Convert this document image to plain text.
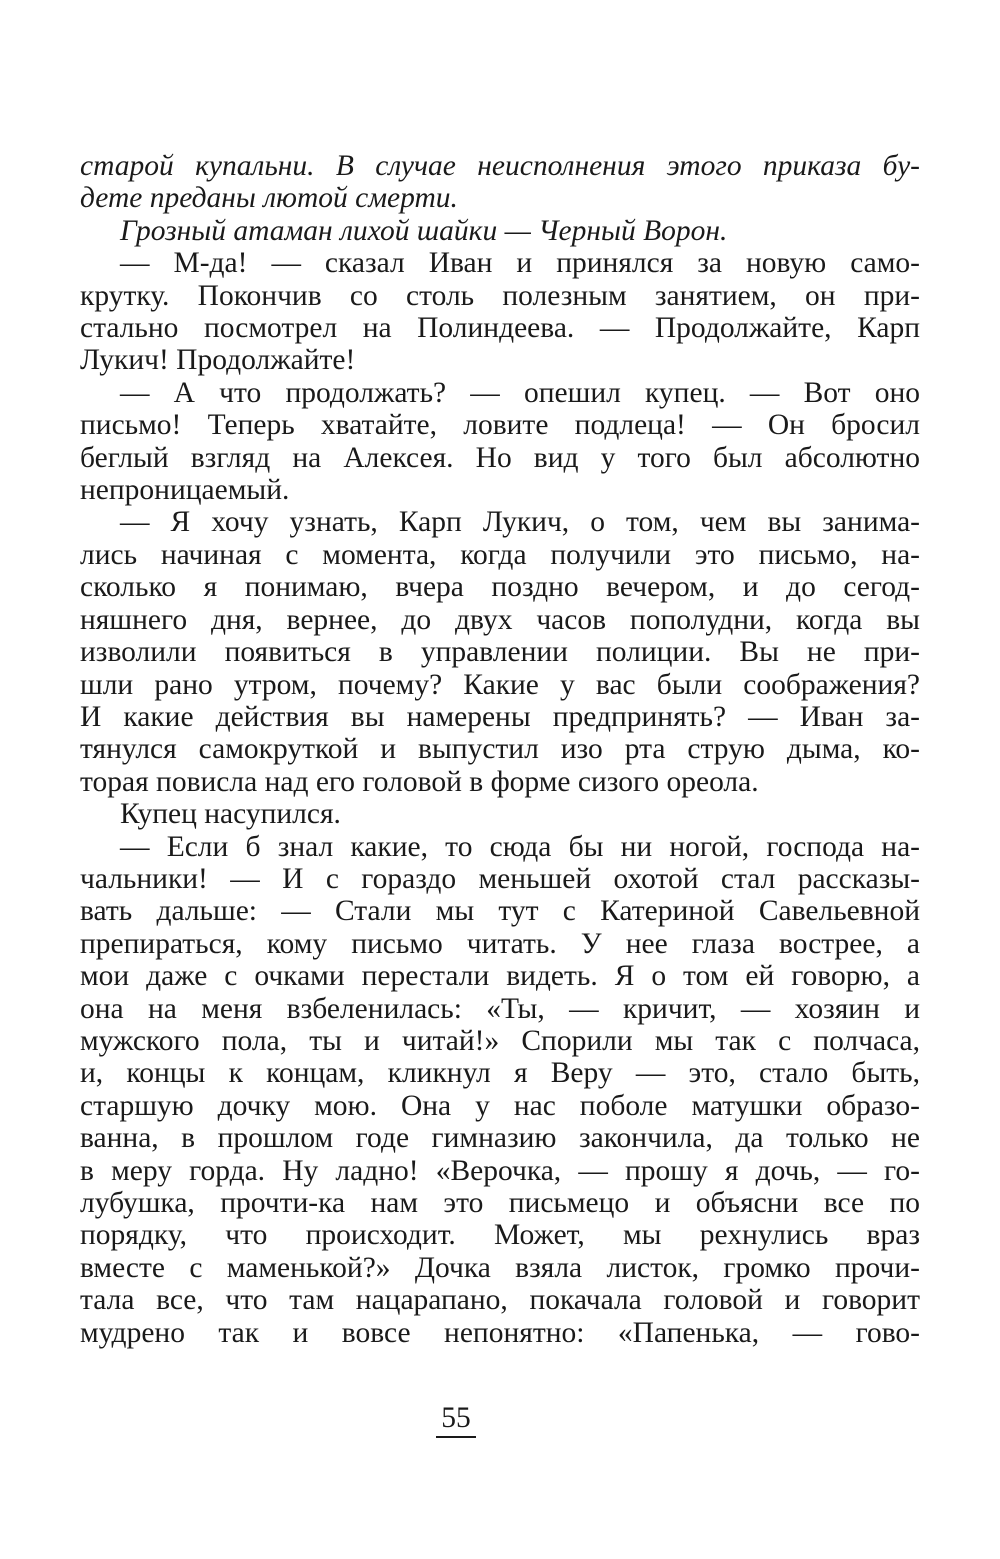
старой купальни. В случае неисполнения этого приказа бу-
дете преданы лютой смерти.
Грозный атаман лихой шайки — Черный Ворон.
— М-да! — сказал Иван и принялся за новую само-
крутку. Покончив со столь полезным занятием, он при-
стально посмотрел на Полиндеева. — Продолжайте, Карп
Лукич! Продолжайте!
— А что продолжать? — опешил купец. — Вот оно
письмо! Теперь хватайте, ловите подлеца! — Он бросил
беглый взгляд на Алексея. Но вид у того был абсолютно
непроницаемый.
— Я хочу узнать, Карп Лукич, о том, чем вы занима-
лись начиная с момента, когда получили это письмо, на-
сколько я понимаю, вчера поздно вечером, и до сегод-
няшнего дня, вернее, до двух часов пополудни, когда вы
изволили появиться в управлении полиции. Вы не при-
шли рано утром, почему? Какие у вас были соображения?
И какие действия вы намерены предпринять? — Иван за-
тянулся самокруткой и выпустил изо рта струю дыма, ко-
торая повисла над его головой в форме сизого ореола.
Купец насупился.
— Если б знал какие, то сюда бы ни ногой, господа на-
чальники! — И с гораздо меньшей охотой стал рассказы-
вать дальше: — Стали мы тут с Катериной Савельевной
препираться, кому письмо читать. У нее глаза вострее, а
мои даже с очками перестали видеть. Я о том ей говорю, а
она на меня взбеленилась: «Ты, — кричит, — хозяин и
мужского пола, ты и читай!» Спорили мы так с полчаса,
и, концы к концам, кликнул я Веру — это, стало быть,
старшую дочку мою. Она у нас поболе матушки образо-
ванна, в прошлом годе гимназию закончила, да только не
в меру горда. Ну ладно! «Верочка, — прошу я дочь, — го-
лубушка, прочти-ка нам это письмецо и объясни все по
порядку, что происходит. Может, мы рехнулись враз
вместе с маменькой?» Дочка взяла листок, громко прочи-
тала все, что там нацарапано, покачала головой и говорит
мудрено так и вовсе непонятно: «Папенька, — гово-
55
